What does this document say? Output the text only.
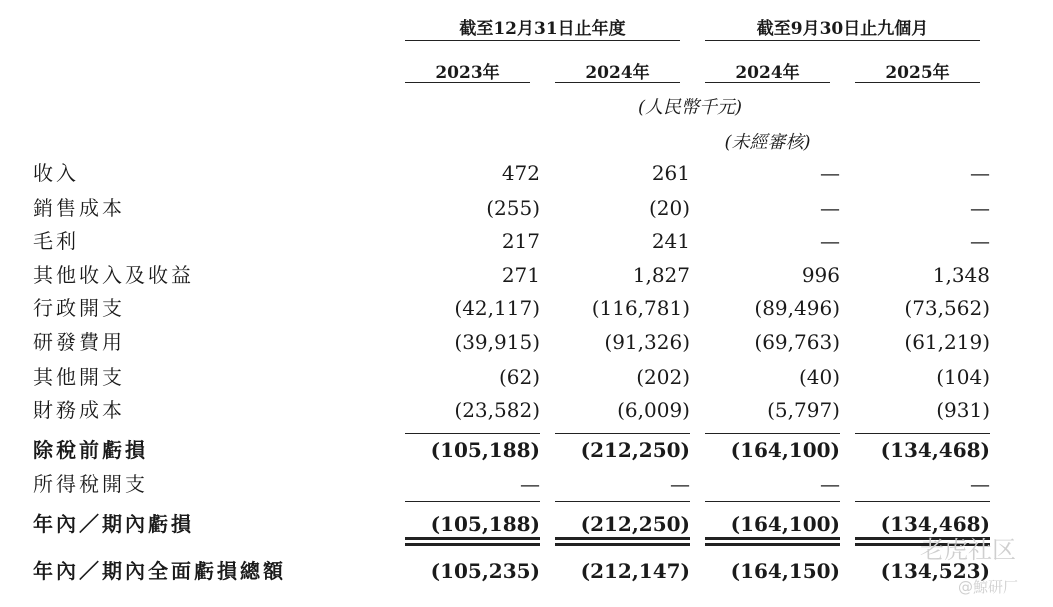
截至12月31日止年度	截至9月30日止九個月
2023年	2024年	2024年	2025年
(人民幣千元)
(未經審核)
收入	472	261	—	—
銷售成本	(255)	(20)	—	—
毛利	217	241	—	—
其他收入及收益	271	1,827	996	1,348
行政開支	(42,117)	(116,781)	(89,496)	(73,562)
研發費用	(39,915)	(91,326)	(69,763)	(61,219)
其他開支	(62)	(202)	(40)	(104)
財務成本	(23,582)	(6,009)	(5,797)	(931)
除稅前虧損	(105,188)	(212,250)	(164,100)	(134,468)
所得稅開支	—	—	—	—
年內／期內虧損	(105,188)	(212,250)	(164,100)	(134,468)
年內／期內全面虧損總額	(105,235)	(212,147)	(164,150)	(134,523)
老虎社区
@鯨研厂
